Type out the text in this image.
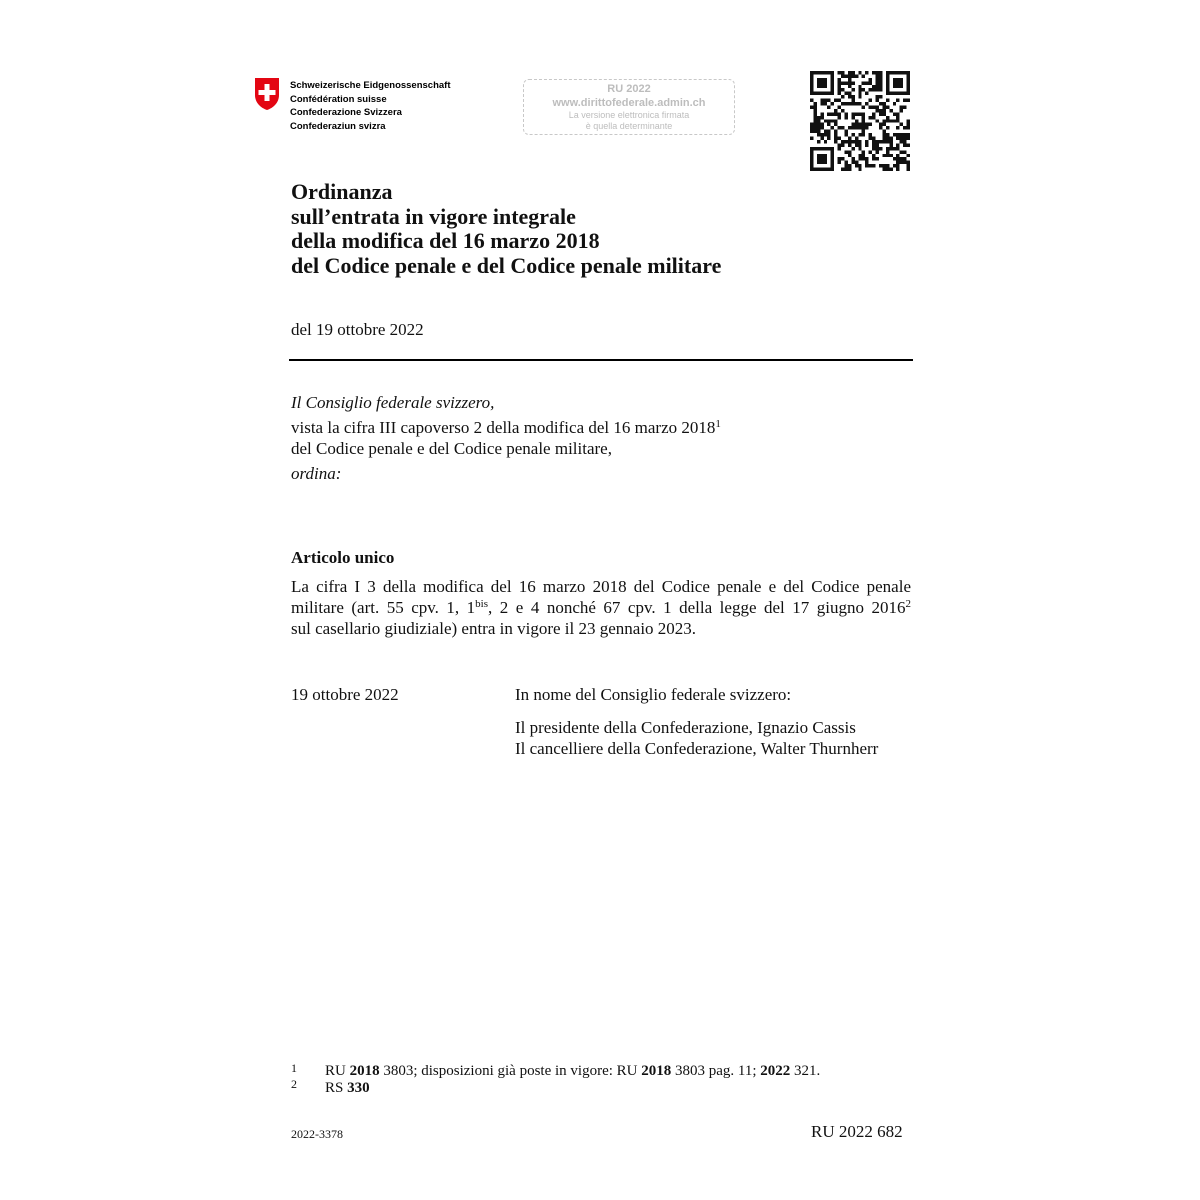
Schweizerische Eidgenossenschaft
Confédération suisse
Confederazione Svizzera
Confederaziun svizra
RU 2022
www.dirittofederale.admin.ch
La versione elettronica firmata
è quella determinante
Ordinanza
sull’entrata in vigore integrale
della modifica del 16 marzo 2018
del Codice penale e del Codice penale militare
del 19 ottobre 2022
Il Consiglio federale svizzero,
vista la cifra III capoverso 2 della modifica del 16 marzo 2018$^1$
del Codice penale e del Codice penale militare,
ordina:
Articolo unico
La cifra I 3 della modifica del 16 marzo 2018 del Codice penale e del Codice penale
militare (art. 55 cpv. 1, $1^{bis}$, 2 e 4 nonché 67 cpv. 1 della legge del 17 giugno 2016$^2$
sul casellario giudiziale) entra in vigore il 23 gennaio 2023.
19 ottobre 2022	In nome del Consiglio federale svizzero:
Il presidente della Confederazione, Ignazio Cassis
Il cancelliere della Confederazione, Walter Thurnherr
1 RU 2018 3803; disposizioni già poste in vigore: RU 2018 3803 pag. 11; 2022 321.
2 RS 330
2022-3378	RU 2022 682
